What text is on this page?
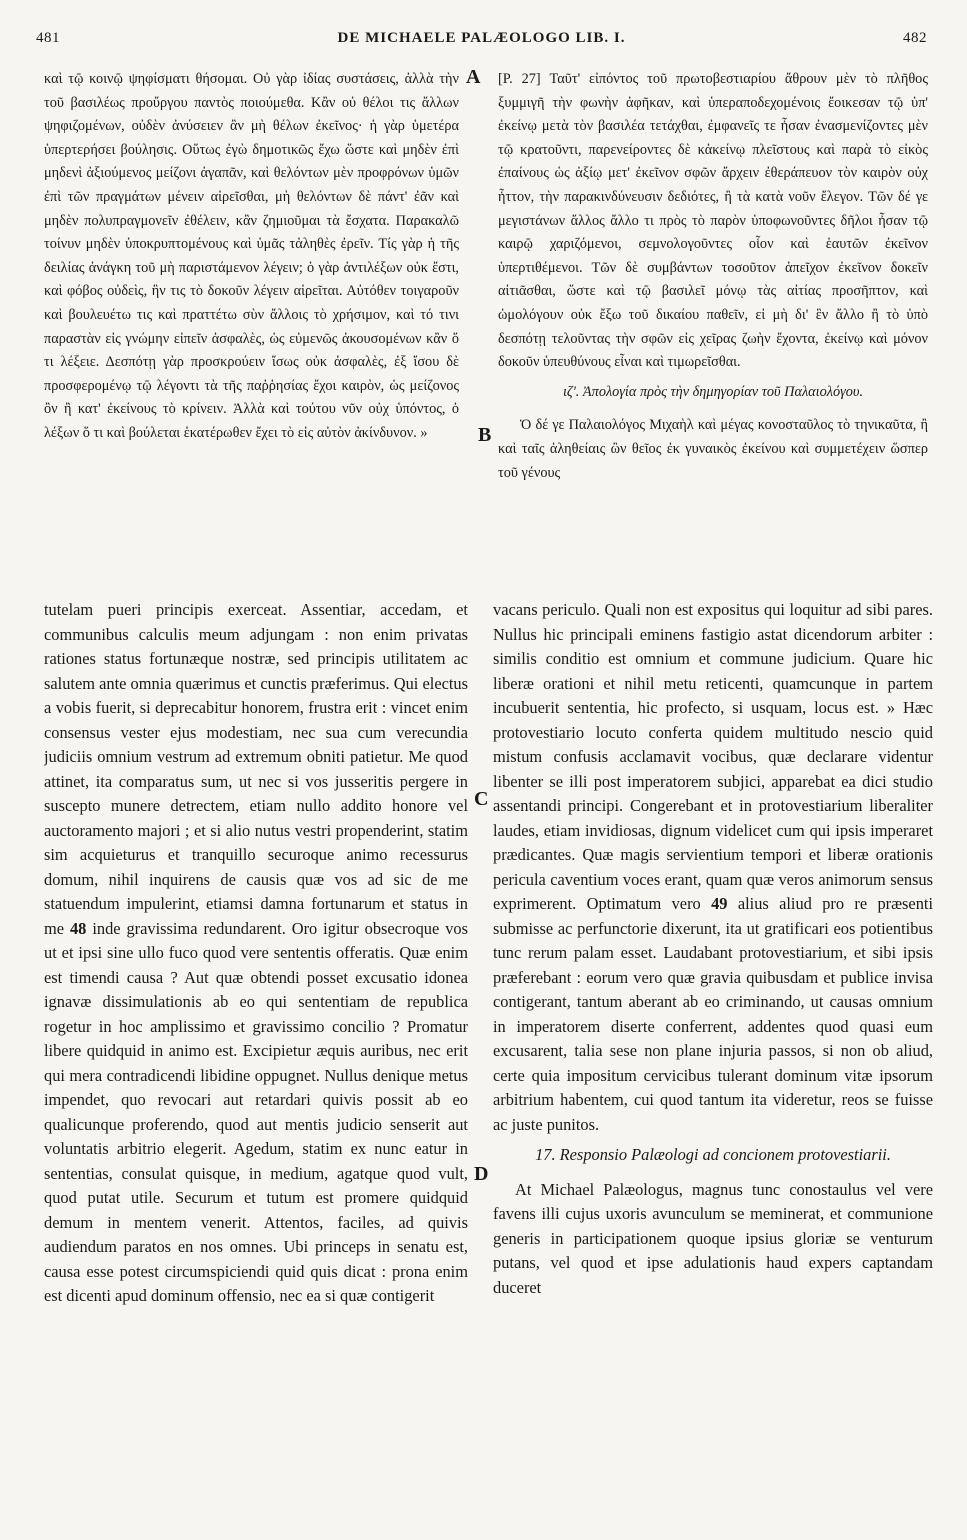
481	DE MICHAELE PALÆOLOGO LIB. I.	482

καὶ τῷ κοινῷ ψηφίσματι θήσομαι. Οὐ γὰρ ἰδίας συστάσεις, ἀλλὰ τὴν τοῦ βασιλέως προὔργου παντὸς ποιούμεθα. Κἂν οὐ θέλοι τις ἄλλων ψηφιζομένων, οὐδὲν ἀνύσειεν ἂν μὴ θέλων ἐκεῖνος· ἡ γὰρ ὑμετέρα ὑπερτερήσει βούλησις. Οὕτως ἐγὼ δημοτικῶς ἔχω ὥστε καὶ μηδὲν ἐπὶ μηδενὶ ἀξιούμενος μείζονι ἀγαπᾶν, καὶ θελόντων μὲν προφρόνων ὑμῶν ἐπὶ τῶν πραγμάτων μένειν αἱρεῖσθαι, μὴ θελόντων δὲ πάντ' ἐᾶν καὶ μηδὲν πολυπραγμονεῖν ἐθέλειν, κἂν ζημιοῦμαι τὰ ἔσχατα. Παρακαλῶ τοίνυν μηδὲν ὑποκρυπτομένους καὶ ὑμᾶς τἀληθὲς ἐρεῖν. Τίς γὰρ ἡ τῆς δειλίας ἀνάγκη τοῦ μὴ παριστάμενον λέγειν; ὁ γὰρ ἀντιλέξων οὐκ ἔστι, καὶ φόβος οὐδεὶς, ἣν τις τὸ δοκοῦν λέγειν αἱρεῖται. Αὐτόθεν τοιγαροῦν καὶ βουλευέτω τις καὶ πραττέτω σὺν ἄλλοις τὸ χρήσιμον, καὶ τό τινι παραστὰν εἰς γνώμην εἰπεῖν ἀσφαλὲς, ὡς εὐμενῶς ἀκουσομένων κἂν ὅ τι λέξειε. Δεσπότῃ γὰρ προσκρούειν ἴσως οὐκ ἀσφαλὲς, ἐξ ἴσου δὲ προσφερομένῳ τῷ λέγοντι τὰ τῆς παῤῥησίας ἔχοι καιρὸν, ὡς μείζονος ὂν ἢ κατ' ἐκείνους τὸ κρίνειν. Ἀλλὰ καὶ τούτου νῦν οὐχ ὑπόντος, ὁ λέξων ὅ τι καὶ βούλεται ἑκατέρωθεν ἔχει τὸ εἰς αὐτὸν ἀκίνδυνον. »

[P. 27] Ταῦτ' εἰπόντος τοῦ πρωτοβεστιαρίου ἄθρουν μὲν τὸ πλῆθος ξυμμιγῆ τὴν φωνὴν ἀφῆκαν, καὶ ὑπεραποδεχομένοις ἔοικεσαν τῷ ὑπ' ἐκείνῳ μετὰ τὸν βασιλέα τετάχθαι, ἐμφανεῖς τε ἦσαν ἐνασμενίζοντες μὲν τῷ κρατοῦντι, παρενείροντες δὲ κἀκείνῳ πλεῖστους καὶ παρὰ τὸ εἰκὸς ἐπαίνους ὡς ἀξίῳ μετ' ἐκεῖνον σφῶν ἄρχειν ἐθεράπευον τὸν καιρὸν οὐχ ἧττον, τὴν παρακινδύνευσιν δεδιότες, ἢ τὰ κατὰ νοῦν ἔλεγον. Τῶν δέ γε μεγιστάνων ἄλλος ἄλλο τι πρὸς τὸ παρὸν ὑποφωνοῦντες δῆλοι ἦσαν τῷ καιρῷ χαριζόμενοι, σεμνολογοῦντες οἷον καὶ ἑαυτῶν ἐκεῖνον ὑπερτιθέμενοι. Τῶν δὲ συμβάντων τοσοῦτον ἀπεῖχον ἐκεῖνον δοκεῖν αἰτιᾶσθαι, ὥστε καὶ τῷ βασιλεῖ μόνῳ τὰς αἰτίας προσῆπτον, καὶ ὡμολόγουν οὐκ ἔξω τοῦ δικαίου παθεῖν, εἰ μὴ δι' ἓν ἄλλο ἢ τὸ ὑπὸ δεσπότῃ τελοῦντας τὴν σφῶν εἰς χεῖρας ζωὴν ἔχοντα, ἐκείνῳ καὶ μόνον δοκοῦν ὑπευθύνους εἶναι καὶ τιμωρεῖσθαι.

ιζ'. Ἀπολογία πρὸς τὴν δημηγορίαν τοῦ Παλαιολόγου.

Ὁ δέ γε Παλαιολόγος Μιχαὴλ καὶ μέγας κονοσταῦλος τὸ τηνικαῦτα, ἢ καὶ ταῖς ἀληθείαις ὢν θεῖος ἐκ γυναικὸς ἐκείνου καὶ συμμετέχειν ὥσπερ τοῦ γένους

A
B
C
D

tutelam pueri principis exerceat. Assentiar, accedam, et communibus calculis meum adjungam : non enim privatas rationes status fortunæque nostræ, sed principis utilitatem ac salutem ante omnia quærimus et cunctis præferimus. Qui electus a vobis fuerit, si deprecabitur honorem, frustra erit : vincet enim consensus vester ejus modestiam, nec sua cum verecundia judiciis omnium vestrum ad extremum obniti patietur. Me quod attinet, ita comparatus sum, ut nec si vos jusseritis pergere in suscepto munere detrectem, etiam nullo addito honore vel auctoramento majori ; et si alio nutus vestri propenderint, statim sim acquieturus et tranquillo securoque animo recessurus domum, nihil inquirens de causis quæ vos ad sic de me statuendum impulerint, etiamsi damna fortunarum et status in me 48 inde gravissima redundarent. Oro igitur obsecroque vos ut et ipsi sine ullo fuco quod vere sententis offeratis. Quæ enim est timendi causa ? Aut quæ obtendi posset excusatio idonea ignavæ dissimulationis ab eo qui sententiam de republica rogetur in hoc amplissimo et gravissimo concilio ? Promatur libere quidquid in animo est. Excipietur æquis auribus, nec erit qui mera contradicendi libidine oppugnet. Nullus denique metus impendet, quo revocari aut retardari quivis possit ab eo qualicunque proferendo, quod aut mentis judicio senserit aut voluntatis arbitrio elegerit. Agedum, statim ex nunc eatur in sententias, consulat quisque, in medium, agatque quod vult, quod putat utile. Securum et tutum est promere quidquid demum in mentem venerit. Attentos, faciles, ad quivis audiendum paratos en nos omnes. Ubi princeps in senatu est, causa esse potest circumspiciendi quid quis dicat : prona enim est dicenti apud dominum offensio, nec ea si quæ contigerit

vacans periculo. Quali non est expositus qui loquitur ad sibi pares. Nullus hic principali eminens fastigio astat dicendorum arbiter : similis conditio est omnium et commune judicium. Quare hic liberæ orationi et nihil metu reticenti, quamcunque in partem incubuerit sententia, hic profecto, si usquam, locus est. » Hæc protovestiario locuto conferta quidem multitudo nescio quid mistum confusis acclamavit vocibus, quæ declarare videntur libenter se illi post imperatorem subjici, apparebat ea dici studio assentandi principi. Congerebant et in protovestiarium liberaliter laudes, etiam invidiosas, dignum videlicet cum qui ipsis imperaret prædicantes. Quæ magis servientium tempori et liberæ orationis pericula caventium voces erant, quam quæ veros animorum sensus exprimerent. Optimatum vero 49 alius aliud pro re præsenti submisse ac perfunctorie dixerunt, ita ut gratificari eos potientibus tunc rerum palam esset. Laudabant protovestiarium, et sibi ipsis præferebant : eorum vero quæ gravia quibusdam et publice invisa contigerant, tantum aberant ab eo criminando, ut causas omnium in imperatorem diserte conferrent, addentes quod quasi eum excusarent, talia sese non plane injuria passos, si non ob aliud, certe quia impositum cervicibus tulerant dominum vitæ ipsorum arbitrium habentem, cui quod tantum ita videretur, reos se fuisse ac juste punitos.

17. Responsio Palæologi ad concionem protovestiarii.

At Michael Palæologus, magnus tunc conostaulus vel vere favens illi cujus uxoris avunculum se meminerat, et communione generis in participationem quoque ipsius gloriæ se venturum putans, vel quod et ipse adulationis haud expers captandam duceret
